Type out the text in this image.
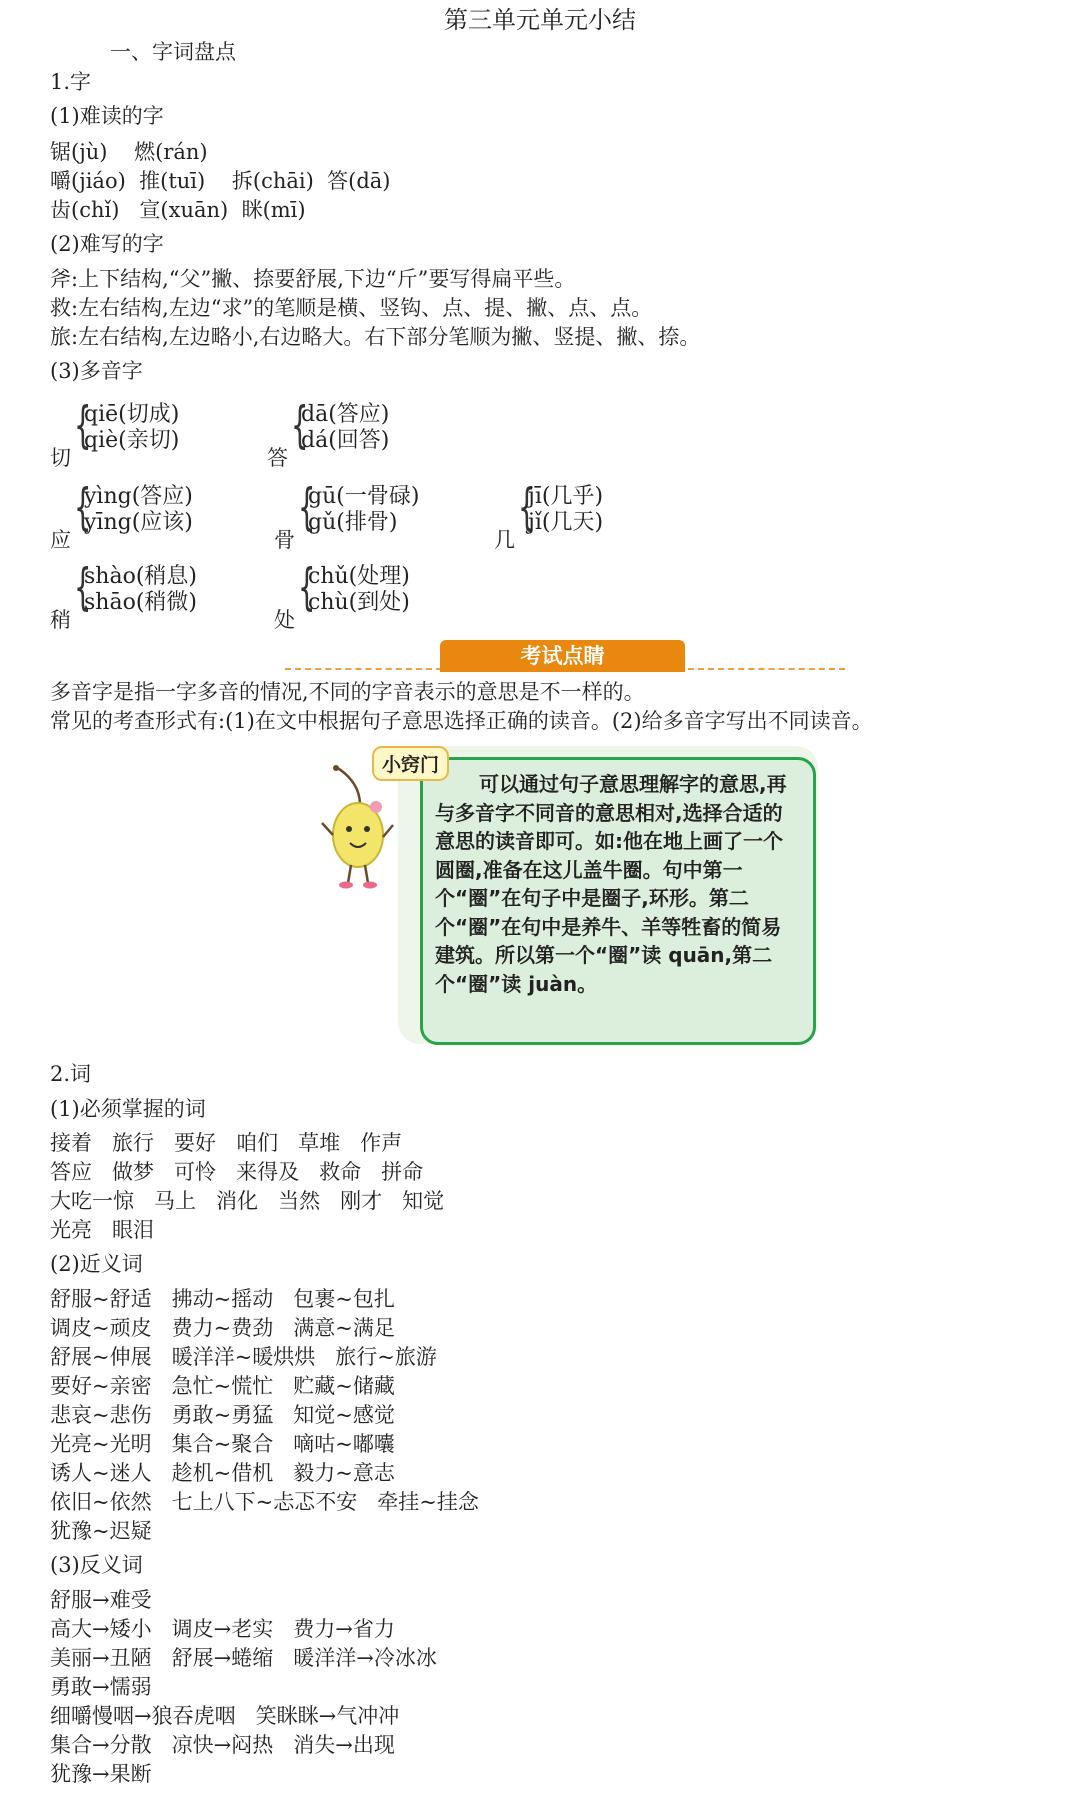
第三单元单元小结
一、字词盘点
1.字
(1)难读的字
锯(jù)    燃(rán)
嚼(jiáo)  推(tuī)    拆(chāi)  答(dā)
齿(chǐ)   宣(xuān)  眯(mī)
(2)难写的字
斧:上下结构,“父”撇、捺要舒展,下边“斤”要写得扁平些。
救:左右结构,左边“求”的笔顺是横、竖钩、点、提、撇、点、点。
旅:左右结构,左边略小,右边略大。右下部分笔顺为撇、竖提、撇、捺。
(3)多音字
切
{
qiē(切成)
qiè(亲切)
答
{
dā(答应)
dá(回答)
应
{
yìng(答应)
yīng(应该)
骨
{
gū(一骨碌)
gǔ(排骨)
几
{
jī(几乎)
jǐ(几天)
稍
{
shào(稍息)
shāo(稍微)
处
{
chǔ(处理)
chù(到处)
考试点睛
多音字是指一字多音的情况,不同的字音表示的意思是不一样的。
常见的考查形式有:(1)在文中根据句子意思选择正确的读音。(2)给多音字写出不同读音。
可以通过句子意思理解字的意思,再与多音字不同音的意思相对,选择合适的意思的读音即可。如:他在地上画了一个圆圈,准备在这儿盖牛圈。句中第一个“圈”在句子中是圈子,环形。第二个“圈”在句中是养牛、羊等牲畜的简易建筑。所以第一个“圈”读 quān,第二个“圈”读 juàn。
小窍门
2.词
(1)必须掌握的词
接着   旅行   要好   咱们   草堆   作声
答应   做梦   可怜   来得及   救命   拼命
大吃一惊   马上   消化   当然   刚才   知觉
光亮   眼泪
(2)近义词
舒服~舒适   拂动~摇动   包裹~包扎
调皮~顽皮   费力~费劲   满意~满足
舒展~伸展   暖洋洋~暖烘烘   旅行~旅游
要好~亲密   急忙~慌忙   贮藏~储藏
悲哀~悲伤   勇敢~勇猛   知觉~感觉
光亮~光明   集合~聚合   嘀咕~嘟囔
诱人~迷人   趁机~借机   毅力~意志
依旧~依然   七上八下~忐忑不安   牵挂~挂念
犹豫~迟疑
(3)反义词
舒服→难受
高大→矮小   调皮→老实   费力→省力
美丽→丑陋   舒展→蜷缩   暖洋洋→冷冰冰
勇敢→懦弱
细嚼慢咽→狼吞虎咽   笑眯眯→气冲冲
集合→分散   凉快→闷热   消失→出现
犹豫→果断
